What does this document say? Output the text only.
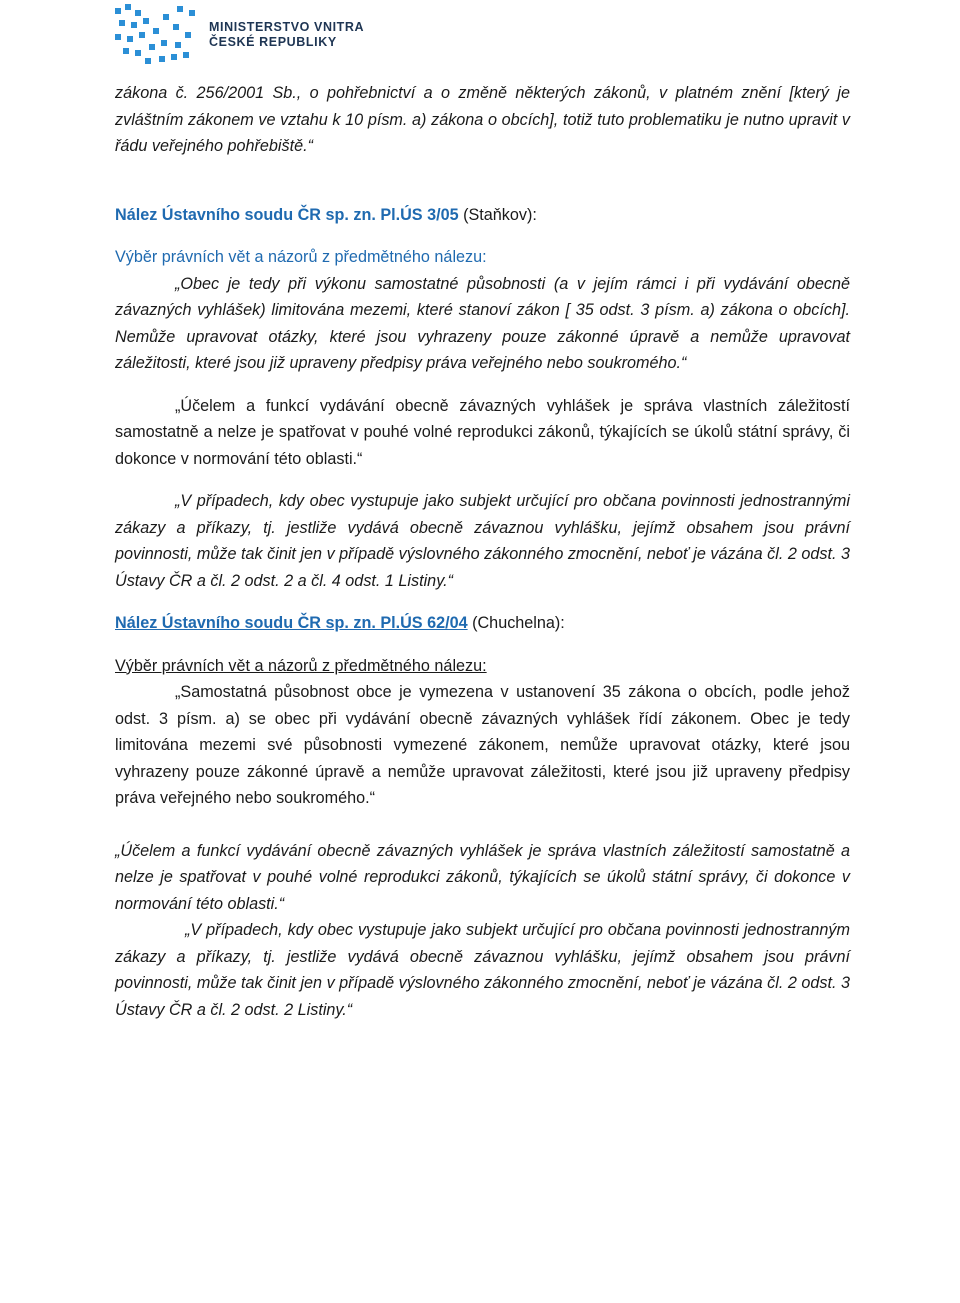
MINISTERSTVO VNITRA
ČESKÉ REPUBLIKY

zákona č. 256/2001 Sb., o pohřebnictví a o změně některých zákonů, v platném znění [který je zvláštním zákonem ve vztahu k 10 písm. a) zákona o obcích], totiž tuto problematiku je nutno upravit v řádu veřejného pohřebiště.“

Nález Ústavního soudu ČR sp. zn. Pl.ÚS 3/05 (Staňkov):

Výběr právních vět a názorů z předmětného nálezu:

„Obec je tedy při výkonu samostatné působnosti (a v jejím rámci i při vydávání obecně závazných vyhlášek) limitována mezemi, které stanoví zákon [ 35 odst. 3 písm. a) zákona o obcích]. Nemůže upravovat otázky, které jsou vyhrazeny pouze zákonné úpravě a nemůže upravovat záležitosti, které jsou již upraveny předpisy práva veřejného nebo soukromého.“

„Účelem a funkcí vydávání obecně závazných vyhlášek je správa vlastních záležitostí samostatně a nelze je spatřovat v pouhé volné reprodukci zákonů, týkajících se úkolů státní správy, či dokonce v normování této oblasti.“

„V případech, kdy obec vystupuje jako subjekt určující pro občana povinnosti jednostrannými zákazy a příkazy, tj. jestliže vydává obecně závaznou vyhlášku, jejímž obsahem jsou právní povinnosti, může tak činit jen v případě výslovného zákonného zmocnění, neboť je vázána čl. 2 odst. 3 Ústavy ČR a čl. 2 odst. 2 a čl. 4 odst. 1 Listiny.“

Nález Ústavního soudu ČR sp. zn. Pl.ÚS 62/04 (Chuchelna):

Výběr právních vět a názorů z předmětného nálezu:

„Samostatná působnost obce je vymezena v ustanovení 35 zákona o obcích, podle jehož odst. 3 písm. a) se obec při vydávání obecně závazných vyhlášek řídí zákonem. Obec je tedy limitována mezemi své působnosti vymezené zákonem, nemůže upravovat otázky, které jsou vyhrazeny pouze zákonné úpravě a nemůže upravovat záležitosti, které jsou již upraveny předpisy práva veřejného nebo soukromého.“

„Účelem a funkcí vydávání obecně závazných vyhlášek je správa vlastních záležitostí samostatně a nelze je spatřovat v pouhé volné reprodukci zákonů, týkajících se úkolů státní správy, či dokonce v normování této oblasti.“

„V případech, kdy obec vystupuje jako subjekt určující pro občana povinnosti jednostranným zákazy a příkazy, tj. jestliže vydává obecně závaznou vyhlášku, jejímž obsahem jsou právní povinnosti, může tak činit jen v případě výslovného zákonného zmocnění, neboť je vázána čl. 2 odst. 3 Ústavy ČR a čl. 2 odst. 2 Listiny.“
